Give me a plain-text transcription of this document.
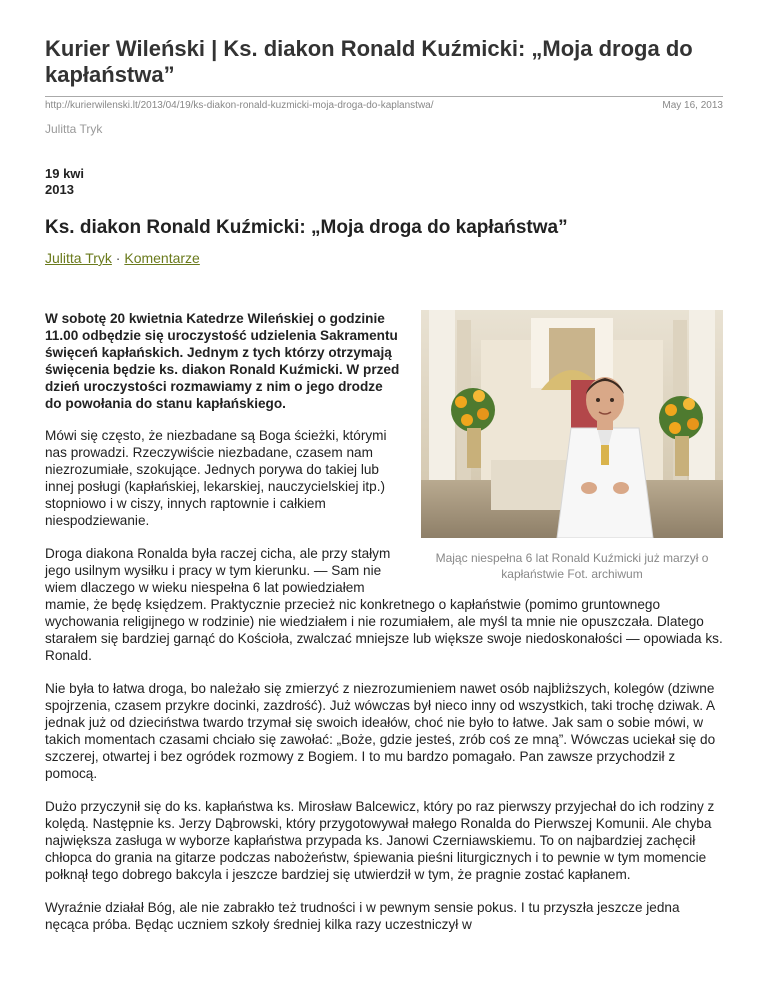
Kurier Wileński | Ks. diakon Ronald Kuźmicki: „Moja droga do kapłaństwa”
http://kurierwilenski.lt/2013/04/19/ks-diakon-ronald-kuzmicki-moja-droga-do-kaplanstwa/	May 16, 2013
Julitta Tryk
19 kwi
2013
Ks. diakon Ronald Kuźmicki: „Moja droga do kapłaństwa”
Julitta Tryk · Komentarze
Mając niespełna 6 lat Ronald Kuźmicki już marzył o kapłaństwie Fot. archiwum

W sobotę 20 kwietnia Katedrze Wileńskiej o godzinie 11.00 odbędzie się uroczystość udzielenia Sakramentu święceń kapłańskich. Jednym z tych którzy otrzymają święcenia będzie ks. diakon Ronald Kuźmicki. W przed dzień uroczystości rozmawiamy z nim o jego drodze do powołania do stanu kapłańskiego.

Mówi się często, że niezbadane są Boga ścieżki, którymi nas prowadzi. Rzeczywiście niezbadane, czasem nam niezrozumiałe, szokujące. Jednych porywa do takiej lub innej posługi (kapłańskiej, lekarskiej, nauczycielskiej itp.) stopniowo i w ciszy, innych raptownie i całkiem niespodziewanie.

Droga diakona Ronalda była raczej cicha, ale przy stałym jego usilnym wysiłku i pracy w tym kierunku. — Sam nie wiem dlaczego w wieku niespełna 6 lat powiedziałem mamie, że będę księdzem. Praktycznie przecież nic konkretnego o kapłaństwie (pomimo gruntownego wychowania religijnego w rodzinie) nie wiedziałem i nie rozumiałem, ale myśl ta mnie nie opuszczała. Dlatego starałem się bardziej garnąć do Kościoła, zwalczać mniejsze lub większe swoje niedoskonałości — opowiada ks. Ronald.

Nie była to łatwa droga, bo należało się zmierzyć z niezrozumieniem nawet osób najbliższych, kolegów (dziwne spojrzenia, czasem przykre docinki, zazdrość). Już wówczas był nieco inny od wszystkich, taki trochę dziwak. A jednak już od dzieciństwa twardo trzymał się swoich ideałów, choć nie było to łatwe. Jak sam o sobie mówi, w takich momentach czasami chciało się zawołać: „Boże, gdzie jesteś, zrób coś ze mną”. Wówczas uciekał się do szczerej, otwartej i bez ogródek rozmowy z Bogiem. I to mu bardzo pomagało. Pan zawsze przychodził z pomocą.

Dużo przyczynił się do ks. kapłaństwa ks. Mirosław Balcewicz, który po raz pierwszy przyjechał do ich rodziny z kolędą. Następnie ks. Jerzy Dąbrowski, który przygotowywał małego Ronalda do Pierwszej Komunii. Ale chyba największa zasługa w wyborze kapłaństwa przypada ks. Janowi Czerniawskiemu. To on najbardziej zachęcił chłopca do grania na gitarze podczas nabożeństw, śpiewania pieśni liturgicznych i to pewnie w tym momencie połknął tego dobrego bakcyla i jeszcze bardziej się utwierdził w tym, że pragnie zostać kapłanem.

Wyraźnie działał Bóg, ale nie zabrakło też trudności i w pewnym sensie pokus. I tu przyszła jeszcze jedna nęcąca próba. Będąc uczniem szkoły średniej kilka razy uczestniczył w
